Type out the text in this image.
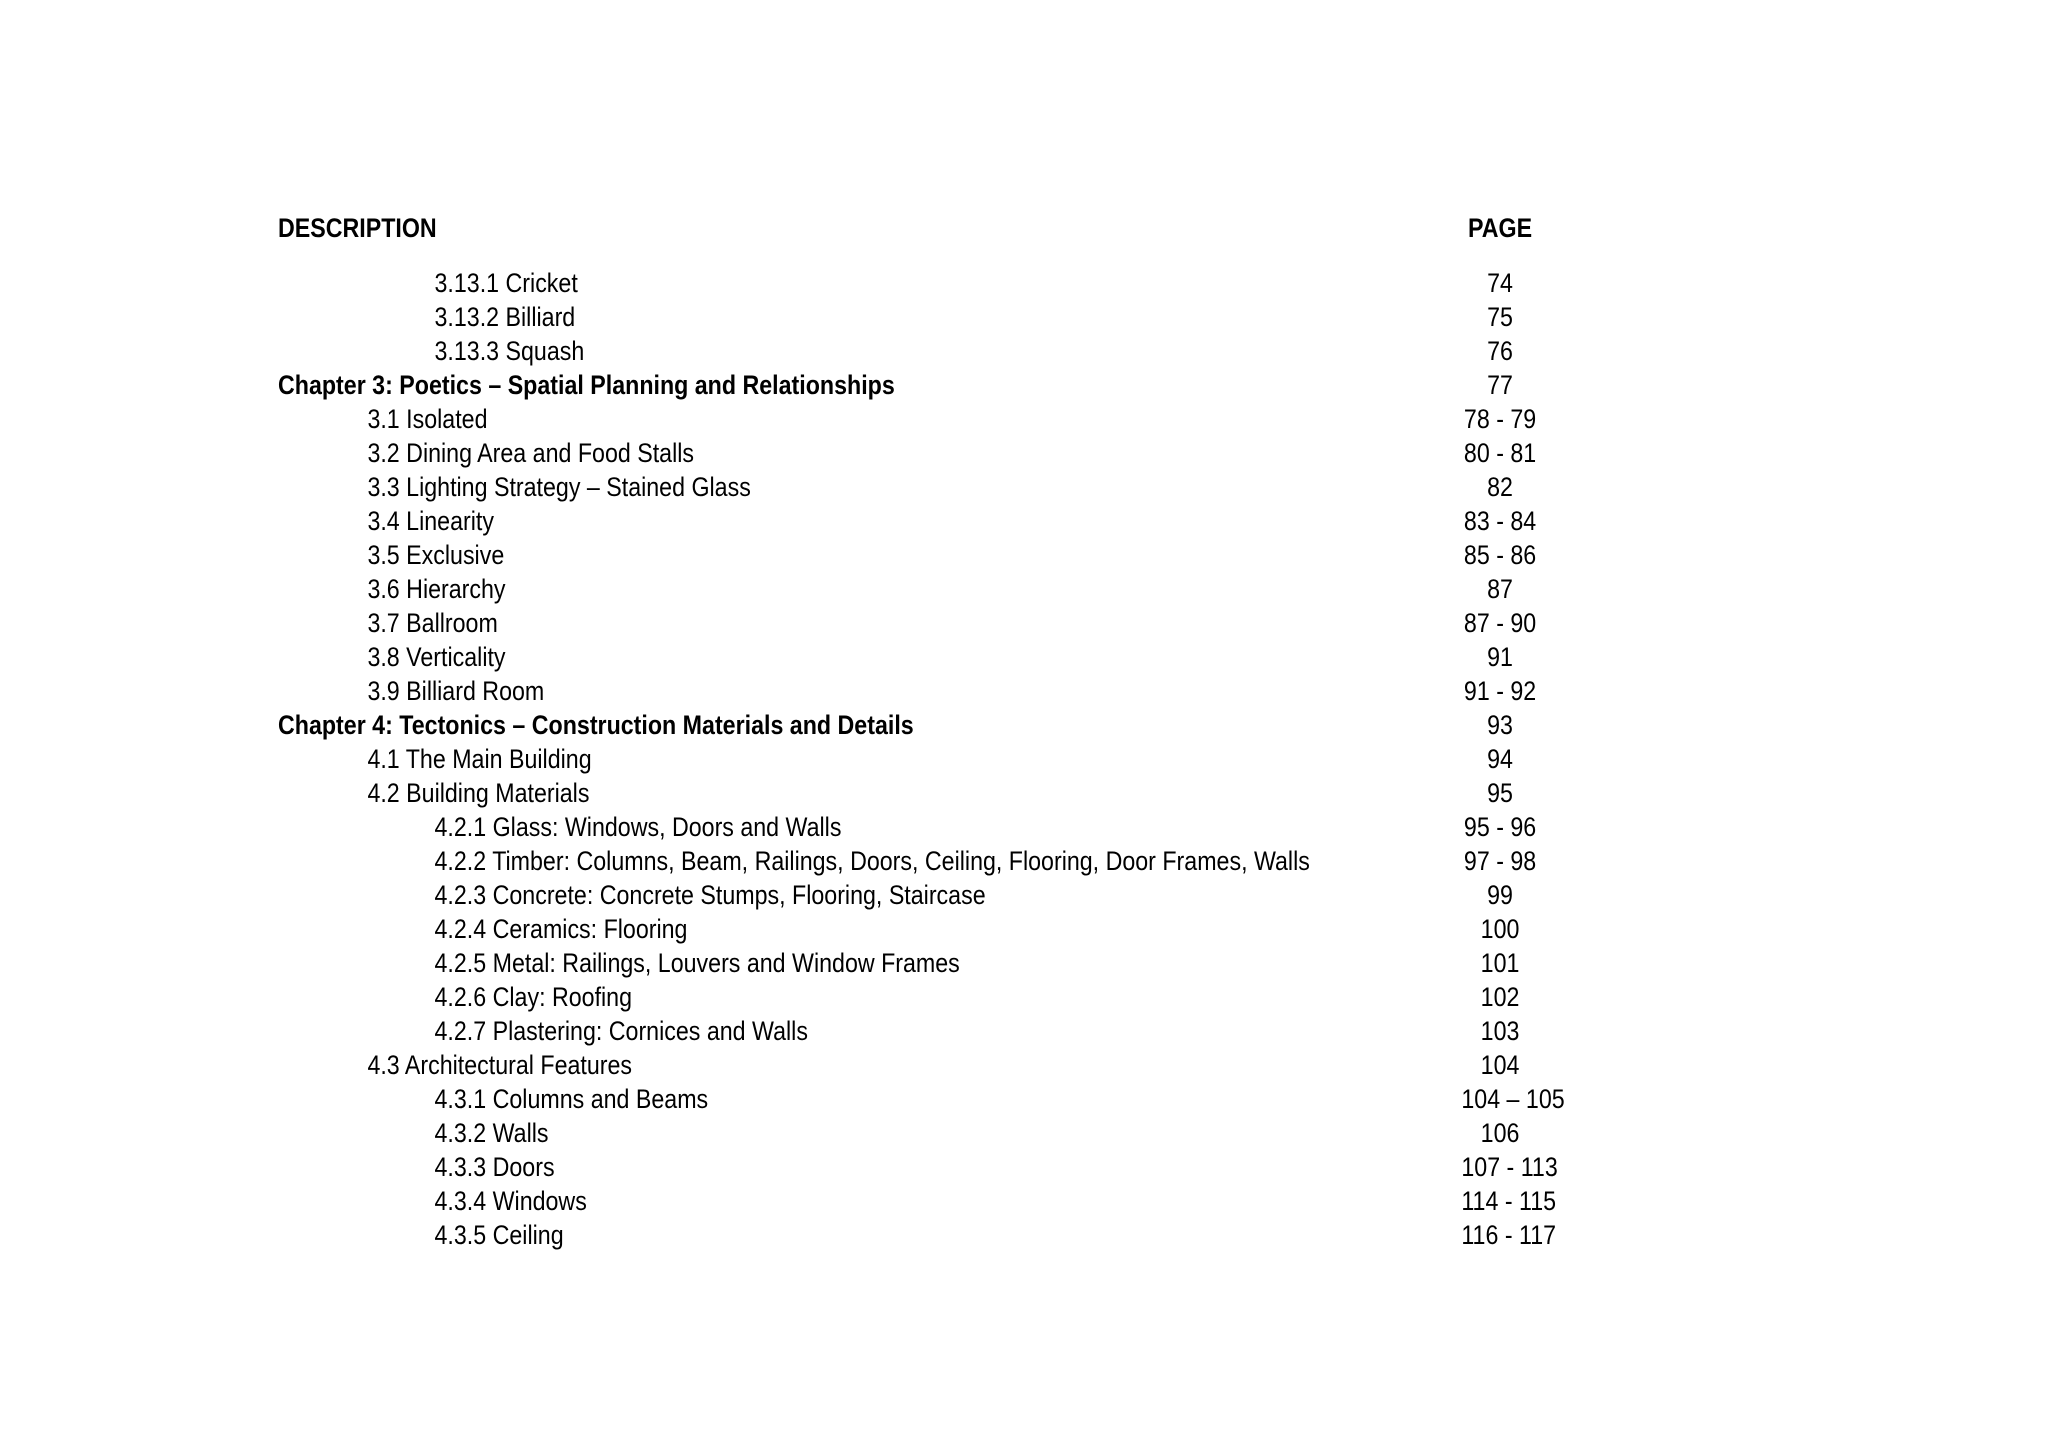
DESCRIPTION	PAGE
3.13.1 Cricket	74
3.13.2 Billiard	75
3.13.3 Squash	76
Chapter 3: Poetics – Spatial Planning and Relationships	77
3.1 Isolated	78 - 79
3.2 Dining Area and Food Stalls	80 - 81
3.3 Lighting Strategy – Stained Glass	82
3.4 Linearity	83 - 84
3.5 Exclusive	85 - 86
3.6 Hierarchy	87
3.7 Ballroom	87 - 90
3.8 Verticality	91
3.9 Billiard Room	91 - 92
Chapter 4: Tectonics – Construction Materials and Details	93
4.1 The Main Building	94
4.2 Building Materials	95
4.2.1 Glass: Windows, Doors and Walls	95 - 96
4.2.2 Timber: Columns, Beam, Railings, Doors, Ceiling, Flooring, Door Frames, Walls	97 - 98
4.2.3 Concrete: Concrete Stumps, Flooring, Staircase	99
4.2.4 Ceramics: Flooring	100
4.2.5 Metal: Railings, Louvers and Window Frames	101
4.2.6 Clay: Roofing	102
4.2.7 Plastering: Cornices and Walls	103
4.3 Architectural Features	104
4.3.1 Columns and Beams	104 – 105
4.3.2 Walls	106
4.3.3 Doors	107 - 113
4.3.4 Windows	114 - 115
4.3.5 Ceiling	116 - 117
